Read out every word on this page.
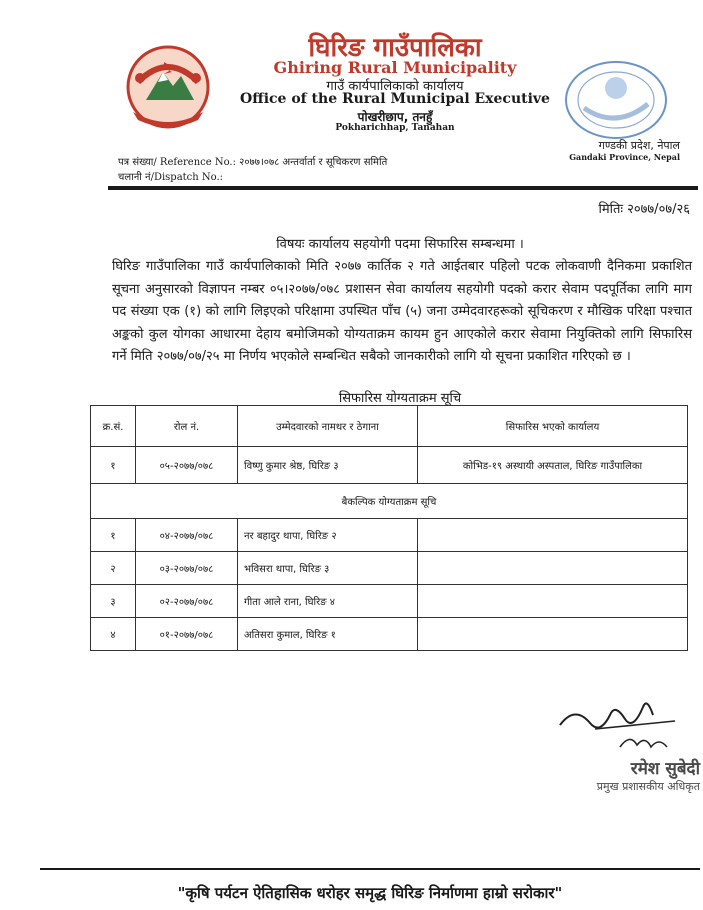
घिरिङ गाउँपालिका
Ghiring Rural Municipality
गाउँ कार्यपालिकाको कार्यालय
Office of the Rural Municipal Executive
पोखरीछाप, तनहुँ
Pokharichhap, Tanahan
गण्डकी प्रदेश, नेपाल
Gandaki Province, Nepal
पत्र संख्या/ Reference No.: २०७७।०७८ अन्तर्वार्ता र सूचिकरण समिति
चलानी नं/Dispatch No.:
मितिः २०७७/०७/२६
विषयः कार्यालय सहयोगी पदमा सिफारिस सम्बन्धमा ।
घिरिङ गाउँपालिका गाउँ कार्यपालिकाको मिति २०७७ कार्तिक २ गते आईतबार पहिलो पटक लोकवाणी दैनिकमा प्रकाशित सूचना अनुसारको विज्ञापन नम्बर ०५।२०७७/०७८ प्रशासन सेवा कार्यालय सहयोगी पदको करार सेवाम पदपूर्तिका लागि माग पद संख्या एक (१) को लागि लिइएको परिक्षामा उपस्थित पाँच (५) जना उम्मेदवारहरूको सूचिकरण र मौखिक परिक्षा पश्चात अङ्कको कुल योगका आधारमा देहाय बमोजिमको योग्यताक्रम कायम हुन आएकोले करार सेवामा नियुक्तिको लागि सिफारिस गर्ने मिति २०७७/०७/२५ मा निर्णय भएकोले सम्बन्धित सबैको जानकारीको लागि यो सूचना प्रकाशित गरिएको छ ।
सिफारिस योग्यताक्रम सूचि
क्र.सं.	रोल नं.	उम्मेदवारको नामथर र ठेगाना	सिफारिस भएको कार्यालय
१	०५-२०७७/०७८	विष्णु कुमार श्रेष्ठ, घिरिङ ३	कोभिड-१९ अस्थायी अस्पताल, घिरिङ गाउँपालिका
बैकल्पिक योग्यताक्रम सूचि			
१	०४-२०७७/०७८	नर बहादुर थापा, घिरिङ २	
२	०३-२०७७/०७८	भविसरा थापा, घिरिङ ३	
३	०२-२०७७/०७८	गीता आले राना, घिरिङ ४	
४	०१-२०७७/०७८	अतिसरा कुमाल, घिरिङ १	
रमेश सुबेदी
प्रमुख प्रशासकीय अधिकृत
"कृषि पर्यटन ऐतिहासिक धरोहर समृद्ध घिरिङ निर्माणमा हाम्रो सरोकार"
